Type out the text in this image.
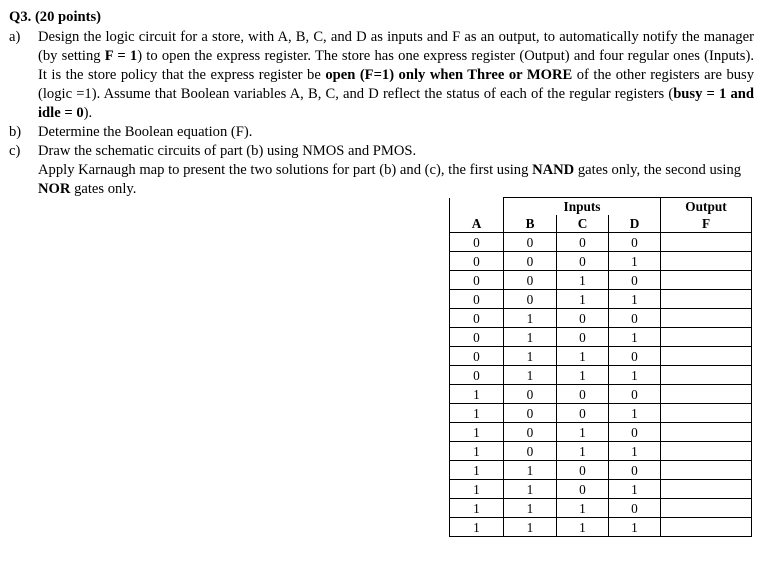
Q3. (20 points)
a) Design the logic circuit for a store, with A, B, C, and D as inputs and F as an output, to automatically notify the manager (by setting F = 1) to open the express register. The store has one express register (Output) and four regular ones (Inputs). It is the store policy that the express register be open (F=1) only when Three or MORE of the other registers are busy (logic =1). Assume that Boolean variables A, B, C, and D reflect the status of each of the regular registers (busy = 1 and idle = 0).
b) Determine the Boolean equation (F).
c) Draw the schematic circuits of part (b) using NMOS and PMOS.
Apply Karnaugh map to present the two solutions for part (b) and (c), the first using NAND gates only, the second using NOR gates only.
	Inputs			Output
A	B	C	D	F
0	0	0	0	
0	0	0	1	
0	0	1	0	
0	0	1	1	
0	1	0	0	
0	1	0	1	
0	1	1	0	
0	1	1	1	
1	0	0	0	
1	0	0	1	
1	0	1	0	
1	0	1	1	
1	1	0	0	
1	1	0	1	
1	1	1	0	
1	1	1	1	
